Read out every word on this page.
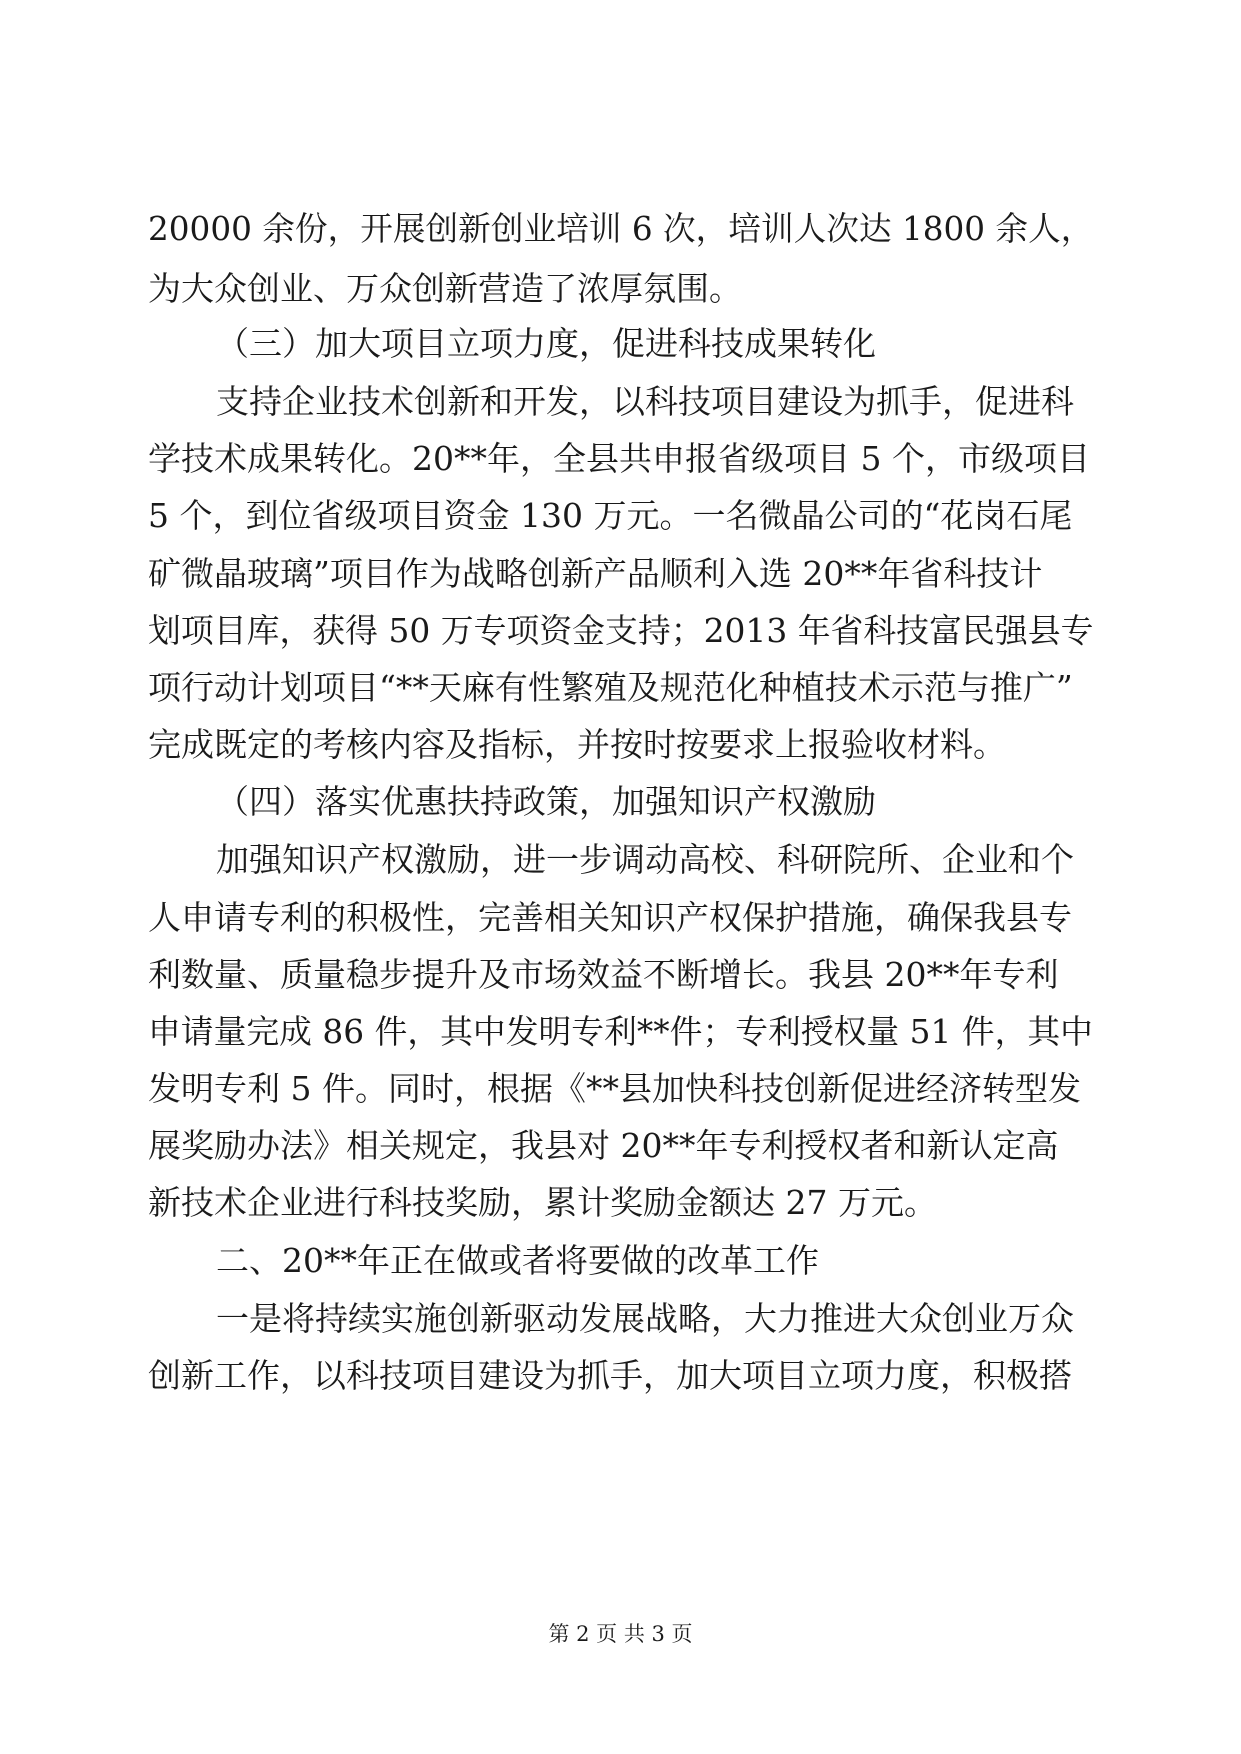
20000 余份，开展创新创业培训 6 次，培训人次达 1800 余人，
为大众创业、万众创新营造了浓厚氛围。
（三）加大项目立项力度，促进科技成果转化
支持企业技术创新和开发，以科技项目建设为抓手，促进科
学技术成果转化。20**年，全县共申报省级项目 5 个，市级项目
5 个，到位省级项目资金 130 万元。一名微晶公司的“花岗石尾
矿微晶玻璃”项目作为战略创新产品顺利入选 20**年省科技计
划项目库，获得 50 万专项资金支持；2013 年省科技富民强县专
项行动计划项目“**天麻有性繁殖及规范化种植技术示范与推广”
完成既定的考核内容及指标，并按时按要求上报验收材料。
（四）落实优惠扶持政策，加强知识产权激励
加强知识产权激励，进一步调动高校、科研院所、企业和个
人申请专利的积极性，完善相关知识产权保护措施，确保我县专
利数量、质量稳步提升及市场效益不断增长。我县 20**年专利
申请量完成 86 件，其中发明专利**件；专利授权量 51 件，其中
发明专利 5 件。同时，根据《**县加快科技创新促进经济转型发
展奖励办法》相关规定，我县对 20**年专利授权者和新认定高
新技术企业进行科技奖励，累计奖励金额达 27 万元。
二、20**年正在做或者将要做的改革工作
一是将持续实施创新驱动发展战略，大力推进大众创业万众
创新工作，以科技项目建设为抓手，加大项目立项力度，积极搭
第 2 页 共 3 页
